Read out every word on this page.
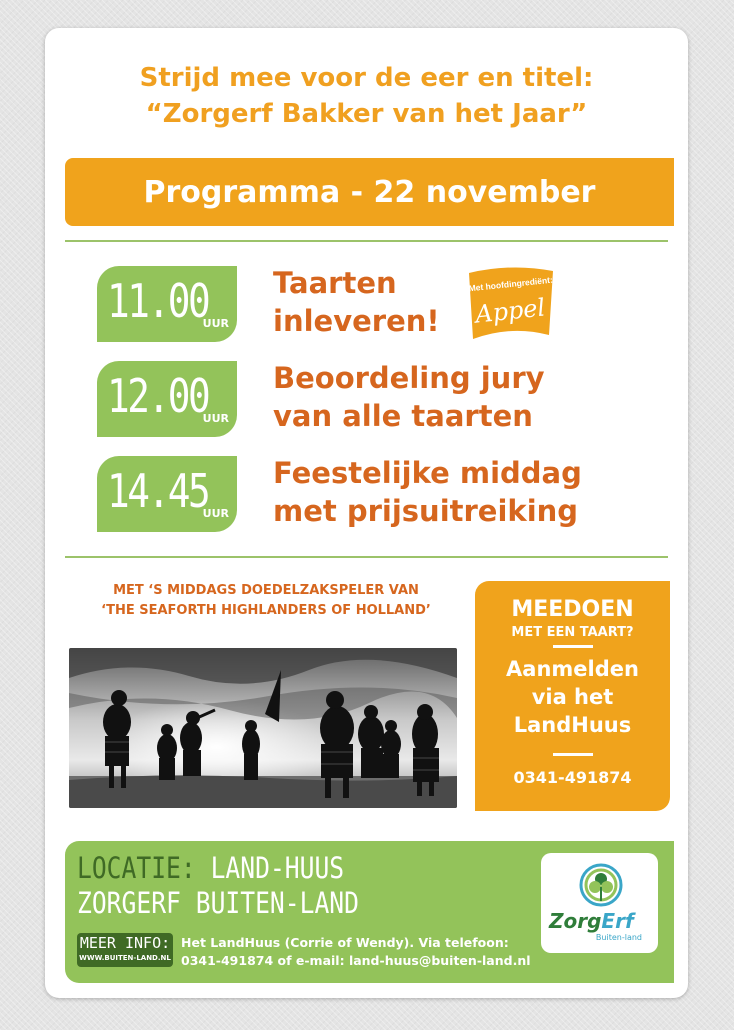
Strijd mee voor de eer en titel:
“Zorgerf Bakker van het Jaar”
Programma - 22 november
11.00
UUR
Taarten
inleveren!
12.00
UUR
Beoordeling jury
van alle taarten
14.45
UUR
Feestelijke middag
met prijsuitreiking
Met hoofdingrediënt:
Appel
MET ‘S MIDDAGS DOEDELZAKSPELER VAN
‘THE SEAFORTH HIGHLANDERS OF HOLLAND’	MEEDOEN
MET EEN TAART?
Aanmelden
via het
LandHuus
0341-491874
LOCATIE: LAND-HUUS
ZORGERF BUITEN-LAND
MEER INFO:
WWW.BUITEN-LAND.NL
Het LandHuus (Corrie of Wendy). Via telefoon:
0341-491874 of e-mail: land-huus@buiten-land.nl
ZorgErf
Buiten-land
